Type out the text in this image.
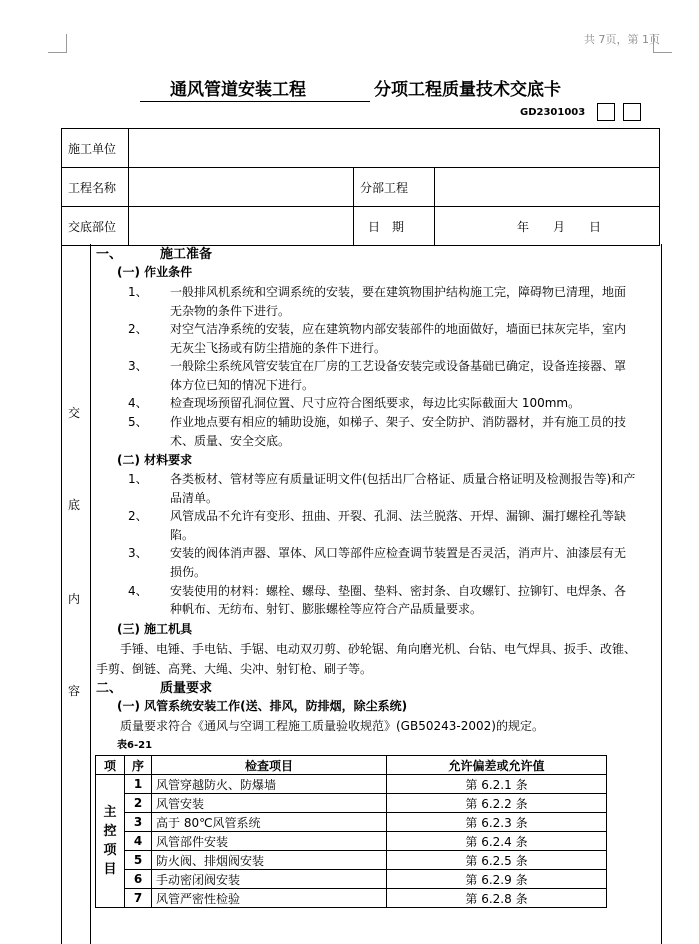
共 7页，第 1页
通风管道安装工程	分项工程质量技术交底卡
GD2301003
施工单位			
工程名称		分部工程	
交底部位		日　期	年　　月　　日
交
底
内
容
一、	施工准备
(一) 作业条件
1、 一般排风机系统和空调系统的安装，要在建筑物围护结构施工完，障碍物已清理，地面
无杂物的条件下进行。
2、 对空气洁净系统的安装，应在建筑物内部安装部件的地面做好，墙面已抹灰完毕，室内
无灰尘飞扬或有防尘措施的条件下进行。
3、 一般除尘系统风管安装宜在厂房的工艺设备安装完或设备基础已确定，设备连接器、罩
体方位已知的情况下进行。
4、 检查现场预留孔洞位置、尺寸应符合图纸要求，每边比实际截面大 100mm。
5、 作业地点要有相应的辅助设施，如梯子、架子、安全防护、消防器材，并有施工员的技
术、质量、安全交底。
(二) 材料要求
1、 各类板材、管材等应有质量证明文件(包括出厂合格证、质量合格证明及检测报告等)和产
品清单。
2、 风管成品不允许有变形、扭曲、开裂、孔洞、法兰脱落、开焊、漏铆、漏打螺栓孔等缺
陷。
3、 安装的阀体消声器、罩体、风口等部件应检查调节装置是否灵活，消声片、油漆层有无
损伤。
4、 安装使用的材料：螺栓、螺母、垫圈、垫料、密封条、自攻螺钉、拉铆钉、电焊条、各
种帆布、无纺布、射钉、膨胀螺栓等应符合产品质量要求。
(三) 施工机具
手锤、电锤、手电钻、手锯、电动双刃剪、砂轮锯、角向磨光机、台钻、电气焊具、扳手、改锥、
手剪、倒链、高凳、大绳、尖冲、射钉枪、刷子等。
二、	质量要求
(一) 风管系统安装工作(送、排风，防排烟，除尘系统)
质量要求符合《通风与空调工程施工质量验收规范》(GB50243-2002)的规定。
表6-21
项	序	检查项目	允许偏差或允许值
主控项目	1	风管穿越防火、防爆墙	第 6.2.1 条
	2	风管安装	第 6.2.2 条
	3	高于 80℃风管系统	第 6.2.3 条
	4	风管部件安装	第 6.2.4 条
	5	防火阀、排烟阀安装	第 6.2.5 条
	6	手动密闭阀安装	第 6.2.9 条
	7	风管严密性检验	第 6.2.8 条
